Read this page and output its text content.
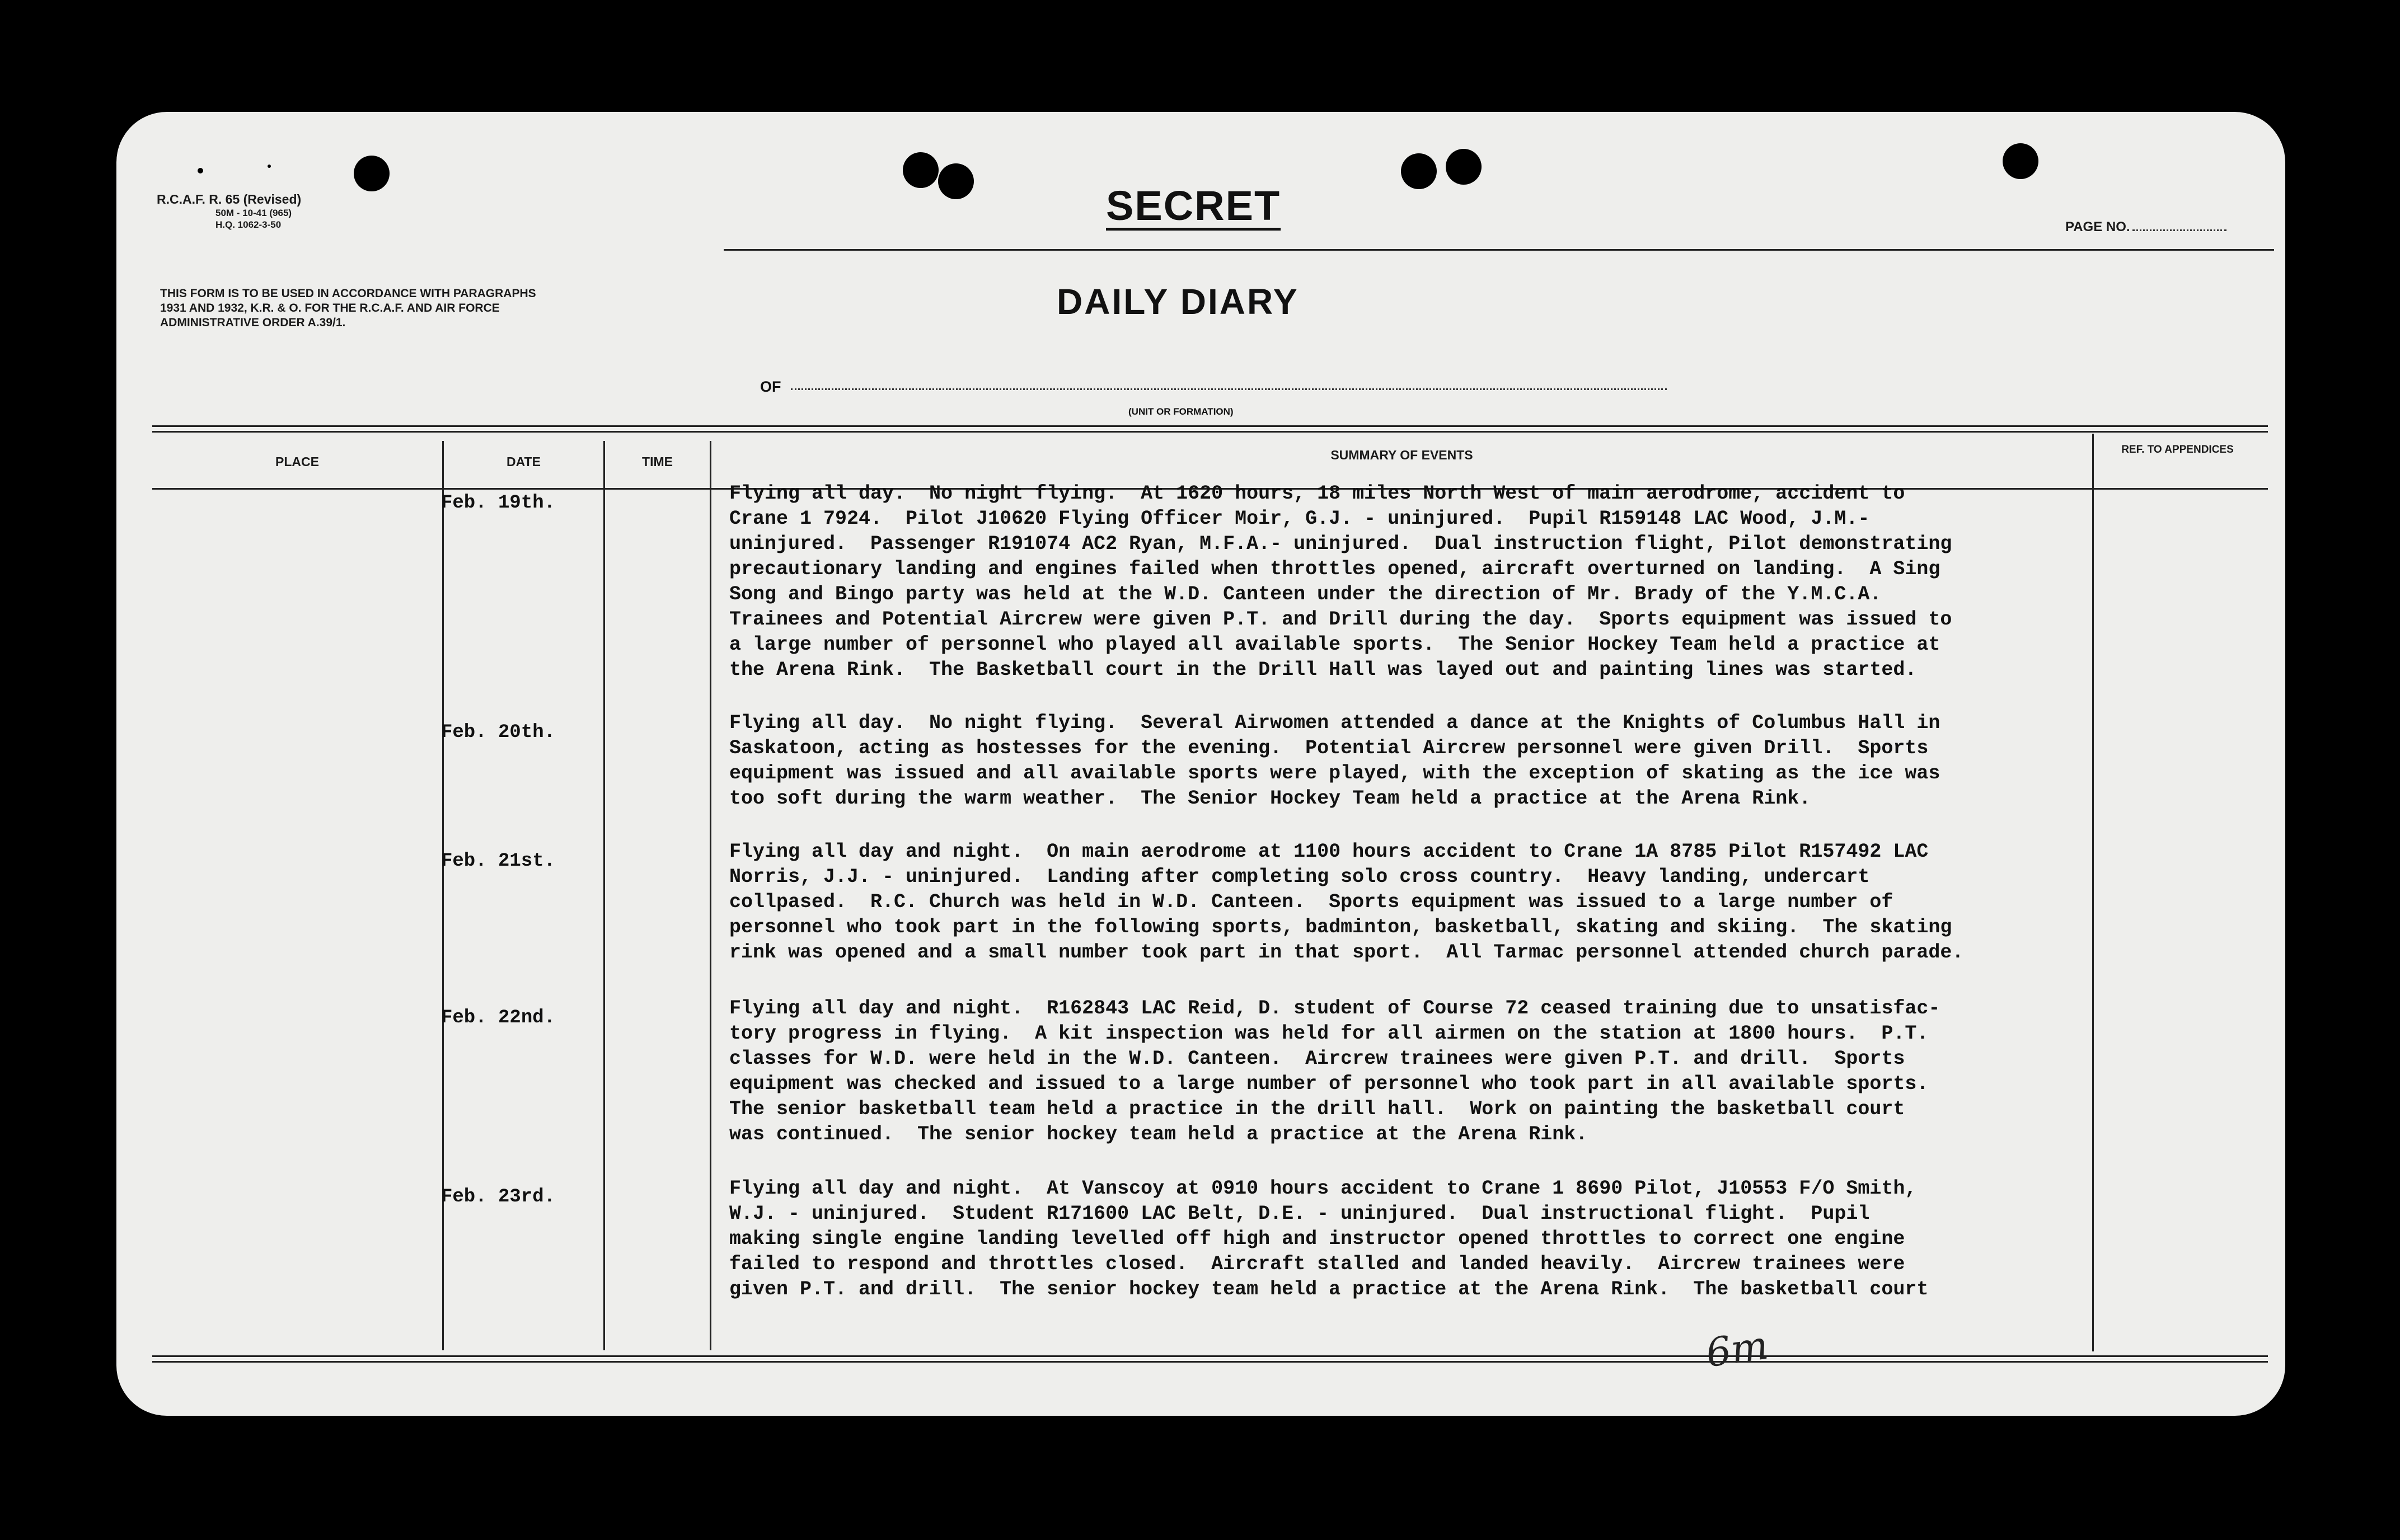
R.C.A.F. R. 65 (Revised)
50M - 10-41 (965)
H.Q. 1062-3-50	SECRET	PAGE NO.
THIS FORM IS TO BE USED IN ACCORDANCE WITH PARAGRAPHS 1931 AND 1932, K.R. & O. FOR THE R.C.A.F. AND AIR FORCE ADMINISTRATIVE ORDER A.39/1.
DAILY DIARY
OF
(UNIT OR FORMATION)
PLACE	DATE	TIME	SUMMARY OF EVENTS	REF. TO APPENDICES
Feb. 19th.	Flying all day.  No night flying.  At 1620 hours, 18 miles North West of main aerodrome, accident to
Crane 1 7924.  Pilot J10620 Flying Officer Moir, G.J. - uninjured.  Pupil R159148 LAC Wood, J.M.-
uninjured.  Passenger R191074 AC2 Ryan, M.F.A.- uninjured.  Dual instruction flight, Pilot demonstrating
precautionary landing and engines failed when throttles opened, aircraft overturned on landing.  A Sing
Song and Bingo party was held at the W.D. Canteen under the direction of Mr. Brady of the Y.M.C.A.
Trainees and Potential Aircrew were given P.T. and Drill during the day.  Sports equipment was issued to
a large number of personnel who played all available sports.  The Senior Hockey Team held a practice at
the Arena Rink.  The Basketball court in the Drill Hall was layed out and painting lines was started.
Feb. 20th.	Flying all day.  No night flying.  Several Airwomen attended a dance at the Knights of Columbus Hall in
Saskatoon, acting as hostesses for the evening.  Potential Aircrew personnel were given Drill.  Sports
equipment was issued and all available sports were played, with the exception of skating as the ice was
too soft during the warm weather.  The Senior Hockey Team held a practice at the Arena Rink.
Feb. 21st.	Flying all day and night.  On main aerodrome at 1100 hours accident to Crane 1A 8785 Pilot R157492 LAC
Norris, J.J. - uninjured.  Landing after completing solo cross country.  Heavy landing, undercart
collpased.  R.C. Church was held in W.D. Canteen.  Sports equipment was issued to a large number of
personnel who took part in the following sports, badminton, basketball, skating and skiing.  The skating
rink was opened and a small number took part in that sport.  All Tarmac personnel attended church parade.
Feb. 22nd.	Flying all day and night.  R162843 LAC Reid, D. student of Course 72 ceased training due to unsatisfac-
tory progress in flying.  A kit inspection was held for all airmen on the station at 1800 hours.  P.T.
classes for W.D. were held in the W.D. Canteen.  Aircrew trainees were given P.T. and drill.  Sports
equipment was checked and issued to a large number of personnel who took part in all available sports.
The senior basketball team held a practice in the drill hall.  Work on painting the basketball court
was continued.  The senior hockey team held a practice at the Arena Rink.
Feb. 23rd.	Flying all day and night.  At Vanscoy at 0910 hours accident to Crane 1 8690 Pilot, J10553 F/O Smith,
W.J. - uninjured.  Student R171600 LAC Belt, D.E. - uninjured.  Dual instructional flight.  Pupil
making single engine landing levelled off high and instructor opened throttles to correct one engine
failed to respond and throttles closed.  Aircraft stalled and landed heavily.  Aircrew trainees were
given P.T. and drill.  The senior hockey team held a practice at the Arena Rink.  The basketball court
6m
